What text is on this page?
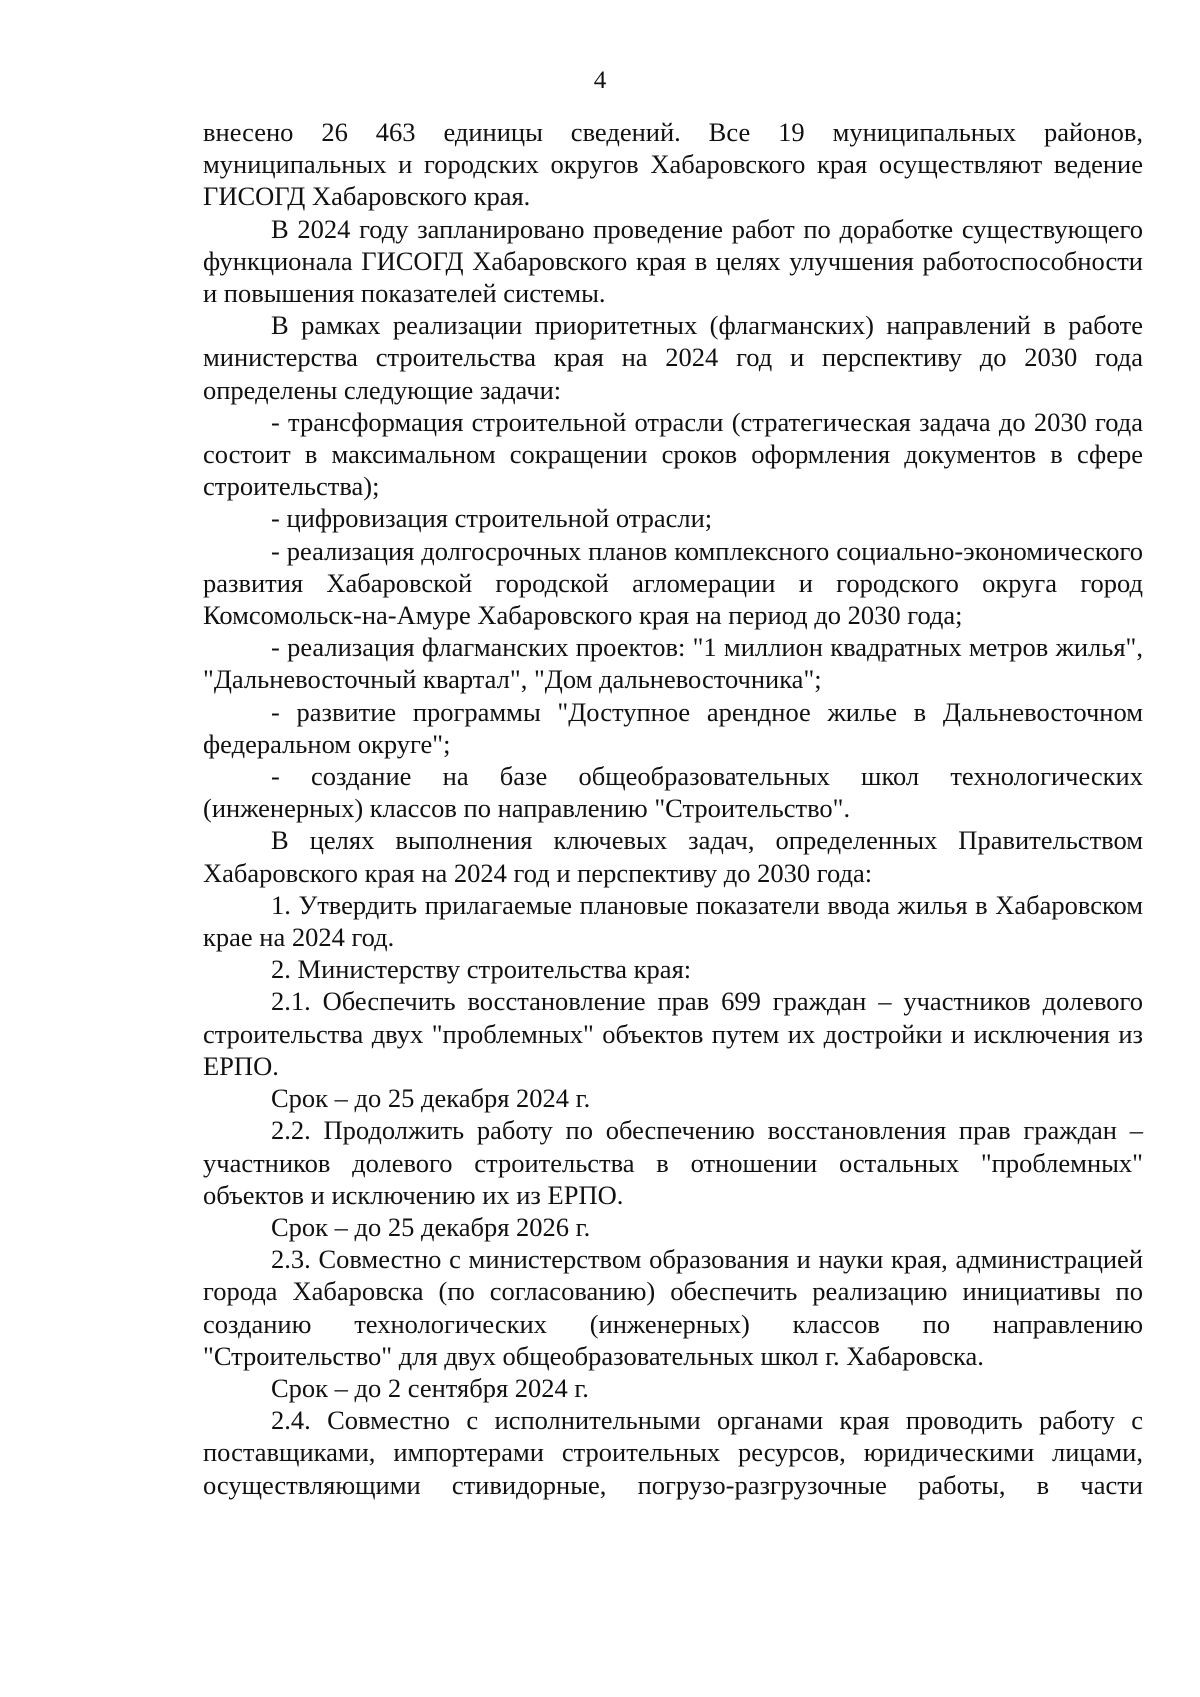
4

внесено 26 463 единицы сведений. Все 19 муниципальных районов, муниципальных и городских округов Хабаровского края осуществляют ведение ГИСОГД Хабаровского края.

В 2024 году запланировано проведение работ по доработке существующего функционала ГИСОГД Хабаровского края в целях улучшения работоспособности и повышения показателей системы.

В рамках реализации приоритетных (флагманских) направлений в работе министерства строительства края на 2024 год и перспективу до 2030 года определены следующие задачи:

- трансформация строительной отрасли (стратегическая задача до 2030 года состоит в максимальном сокращении сроков оформления документов в сфере строительства);

- цифровизация строительной отрасли;

- реализация долгосрочных планов комплексного социально-экономического развития Хабаровской городской агломерации и городского округа город Комсомольск-на-Амуре Хабаровского края на период до 2030 года;

- реализация флагманских проектов: "1 миллион квадратных метров жилья", "Дальневосточный квартал", "Дом дальневосточника";

- развитие программы "Доступное арендное жилье в Дальневосточном федеральном округе";

- создание на базе общеобразовательных школ технологических (инженерных) классов по направлению "Строительство".

В целях выполнения ключевых задач, определенных Правительством Хабаровского края на 2024 год и перспективу до 2030 года:

1. Утвердить прилагаемые плановые показатели ввода жилья в Хабаровском крае на 2024 год.

2. Министерству строительства края:

2.1. Обеспечить восстановление прав 699 граждан – участников долевого строительства двух "проблемных" объектов путем их достройки и исключения из ЕРПО.

Срок – до 25 декабря 2024 г.

2.2. Продолжить работу по обеспечению восстановления прав граждан – участников долевого строительства в отношении остальных "проблемных" объектов и исключению их из ЕРПО.

Срок – до 25 декабря 2026 г.

2.3. Совместно с министерством образования и науки края, администрацией города Хабаровска (по согласованию) обеспечить реализацию инициативы по созданию технологических (инженерных) классов по направлению "Строительство" для двух общеобразовательных школ г. Хабаровска.

Срок – до 2 сентября 2024 г.

2.4. Совместно с исполнительными органами края проводить работу с поставщиками, импортерами строительных ресурсов, юридическими лицами, осуществляющими стивидорные, погрузо-разгрузочные работы, в части
